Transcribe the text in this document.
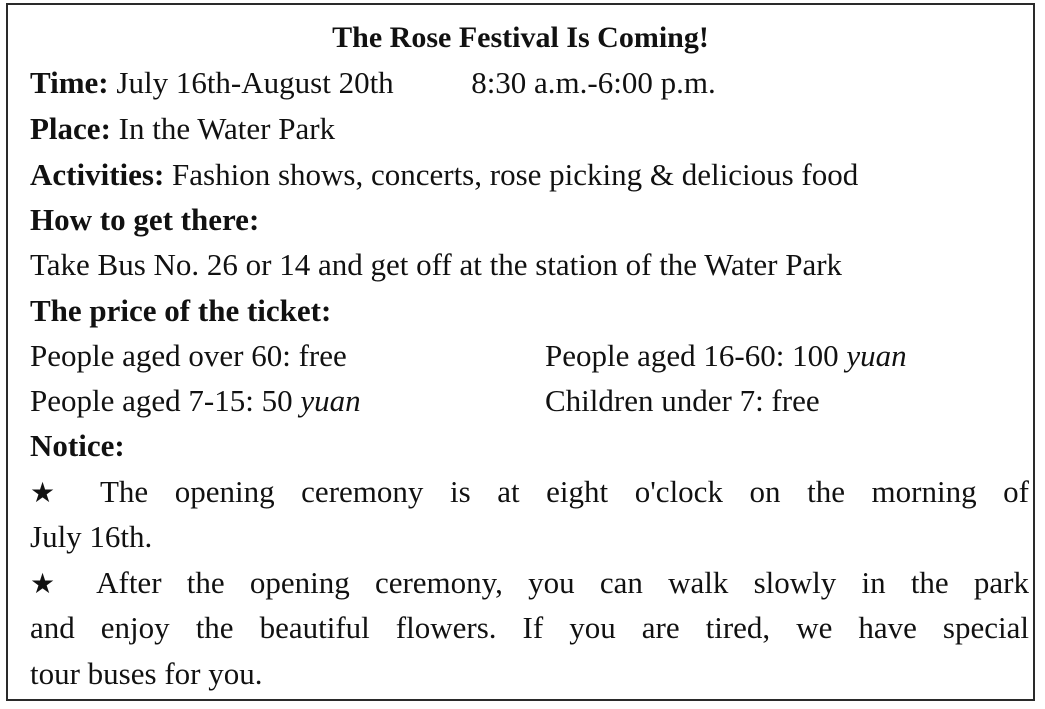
The Rose Festival Is Coming!
Time: July 16th-August 20th	8:30 a.m.-6:00 p.m.
Place: In the Water Park
Activities: Fashion shows, concerts, rose picking & delicious food
How to get there:
Take Bus No. 26 or 14 and get off at the station of the Water Park
The price of the ticket:
People aged over 60: free	People aged 16-60: 100 yuan
People aged 7-15: 50 yuan	Children under 7: free
Notice:
★ The opening ceremony is at eight o'clock on the morning of
July 16th.
★ After the opening ceremony, you can walk slowly in the park
and enjoy the beautiful flowers. If you are tired, we have special
tour buses for you.
